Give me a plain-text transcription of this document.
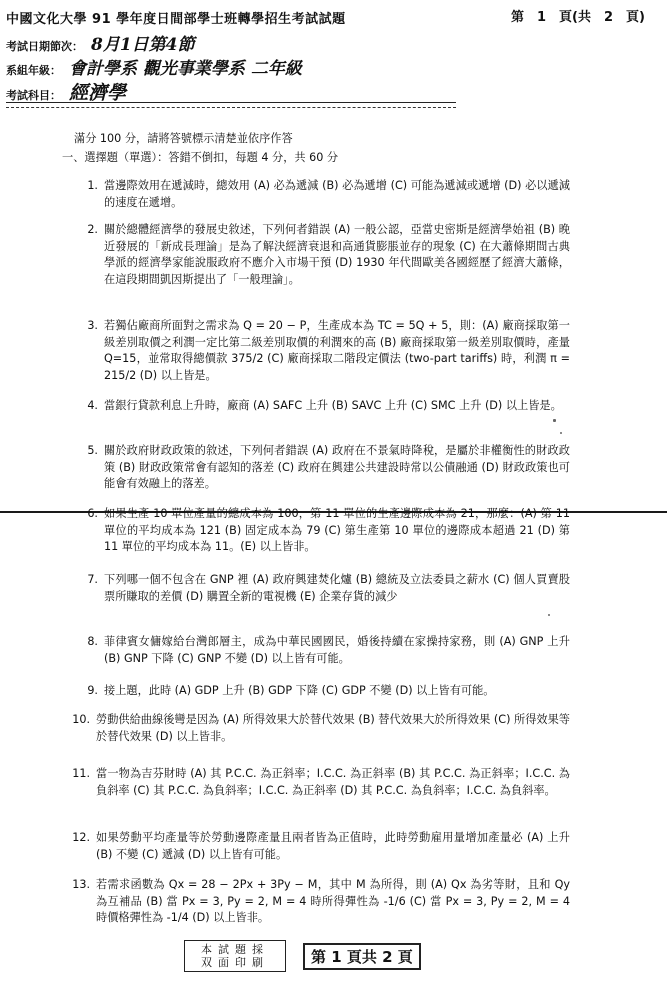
中國文化大學 91 學年度日間部學士班轉學招生考試試題	第　1　頁(共　2　頁)
考試日期節次： 8月1日第4節
系組年級： 會計學系 觀光事業學系 二年級
考試科目： 經濟學
滿分 100 分，請將答號標示清楚並依序作答
一、選擇題（單選）：答錯不倒扣，每題 4 分，共 60 分
1. 當邊際效用在遞減時，總效用 (A) 必為遞減 (B) 必為遞增 (C) 可能為遞減或遞增 (D) 必以遞減的速度在遞增。
2. 關於總體經濟學的發展史敘述，下列何者錯誤 (A) 一般公認，亞當史密斯是經濟學始祖 (B) 晚近發展的「新成長理論」是為了解決經濟衰退和高通貨膨脹並存的現象 (C) 在大蕭條期間古典學派的經濟學家能說服政府不應介入市場干預 (D) 1930 年代間歐美各國經歷了經濟大蕭條，在這段期間凱因斯提出了「一般理論」。
3. 若獨佔廠商所面對之需求為 Q = 20 − P，生產成本為 TC = 5Q + 5，則：(A) 廠商採取第一級差別取價之利潤一定比第二級差別取價的利潤來的高 (B) 廠商採取第一級差別取價時，產量 Q=15，並常取得總價款 375/2 (C) 廠商採取二階段定價法 (two-part tariffs) 時，利潤 π = 215/2 (D) 以上皆是。
4. 當銀行貸款利息上升時，廠商 (A) SAFC 上升 (B) SAVC 上升 (C) SMC 上升 (D) 以上皆是。
5. 關於政府財政政策的敘述，下列何者錯誤 (A) 政府在不景氣時降稅，是屬於非權衡性的財政政策 (B) 財政政策常會有認知的落差 (C) 政府在興建公共建設時常以公債融通 (D) 財政政策也可能會有效融上的落差。
6. 如果生產 10 單位產量的總成本為 100，第 11 單位的生產邊際成本為 21，那麼：(A) 第 11 單位的平均成本為 121 (B) 固定成本為 79 (C) 第生產第 10 單位的邊際成本超過 21 (D) 第 11 單位的平均成本為 11。(E) 以上皆非。
7. 下列哪一個不包含在 GNP 裡 (A) 政府興建焚化爐 (B) 總統及立法委員之薪水 (C) 個人買賣股票所賺取的差價 (D) 購置全新的電視機 (E) 企業存貨的減少
8. 菲律賓女傭嫁給台灣郎層主，成為中華民國國民，婚後持續在家操持家務，則 (A) GNP 上升 (B) GNP 下降 (C) GNP 不變 (D) 以上皆有可能。
9. 接上題，此時 (A) GDP 上升 (B) GDP 下降 (C) GDP 不變 (D) 以上皆有可能。
10. 勞動供給曲線後彎是因為 (A) 所得效果大於替代效果 (B) 替代效果大於所得效果 (C) 所得效果等於替代效果 (D) 以上皆非。
11. 當一物為吉芬財時 (A) 其 P.C.C. 為正斜率；I.C.C. 為正斜率 (B) 其 P.C.C. 為正斜率；I.C.C. 為負斜率 (C) 其 P.C.C. 為負斜率；I.C.C. 為正斜率 (D) 其 P.C.C. 為負斜率；I.C.C. 為負斜率。
12. 如果勞動平均產量等於勞動邊際產量且兩者皆為正值時，此時勞動雇用量增加產量必 (A) 上升 (B) 不變 (C) 遞減 (D) 以上皆有可能。
13. 若需求函數為 Qx = 28 − 2Px + 3Py − M，其中 M 為所得，則 (A) Qx 為劣等財，且和 Qy 為互補品 (B) 當 Px = 3, Py = 2, M = 4 時所得彈性為 -1/6 (C) 當 Px = 3, Py = 2, M = 4 時價格彈性為 -1/4 (D) 以上皆非。
本試題採
双面印刷	第 1 頁共 2 頁
